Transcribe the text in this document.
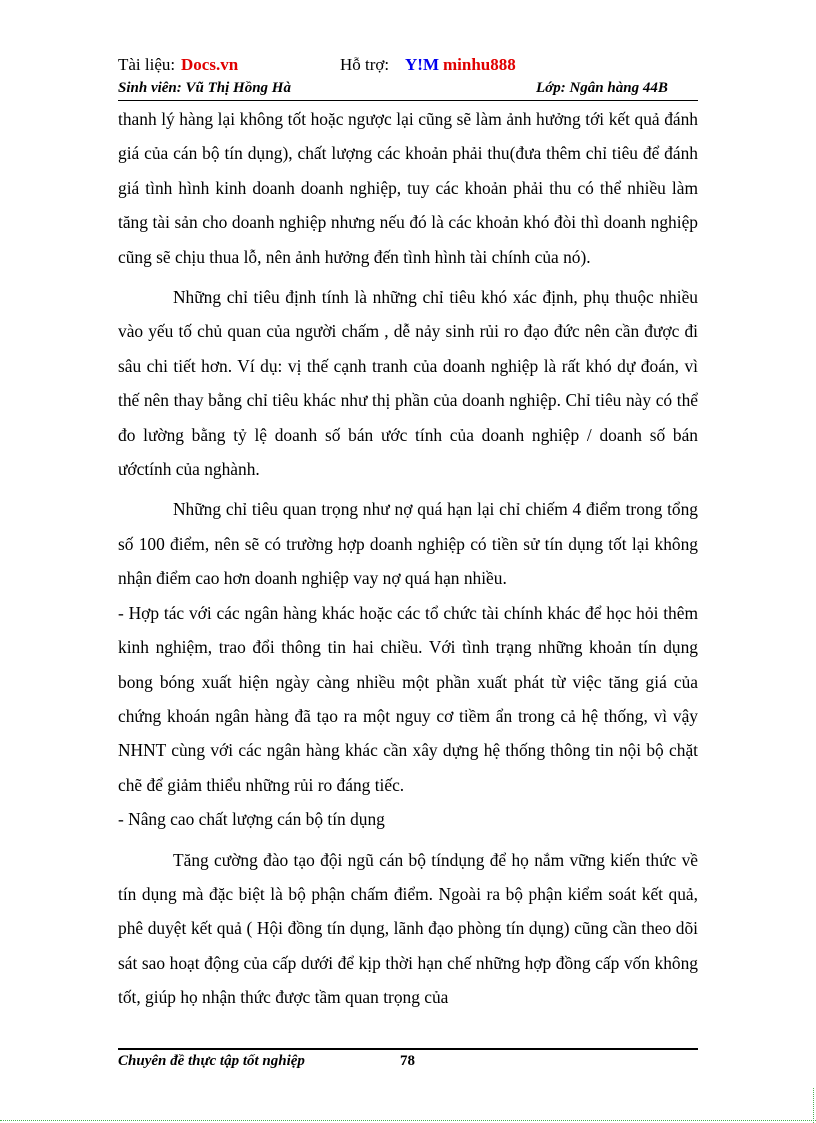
Tài liệu: Docs.vn	Hỗ trợ: Y!M minhu888
Sinh viên: Vũ Thị Hồng Hà	Lớp: Ngân hàng 44B

thanh lý hàng lại không tốt hoặc ngược lại cũng sẽ làm ảnh hưởng tới kết quả đánh giá của cán bộ tín dụng), chất lượng các khoản phải thu(đưa thêm chỉ tiêu để đánh giá tình hình kinh doanh doanh nghiệp, tuy các khoản phải thu có thể nhiều làm tăng tài sản cho doanh nghiệp nhưng nếu đó là các khoản khó đòi thì doanh nghiệp cũng sẽ chịu thua lỗ, nên ảnh hưởng đến tình hình tài chính của nó).

Những chỉ tiêu định tính là những chỉ tiêu khó xác định, phụ thuộc nhiều vào yếu tố chủ quan của người chấm , dễ nảy sinh rủi ro đạo đức nên cần được đi sâu chi tiết hơn. Ví dụ: vị thế cạnh tranh của doanh nghiệp là rất khó dự đoán, vì thế nên thay bằng chỉ tiêu khác như thị phần của doanh nghiệp. Chỉ tiêu này có thể đo lường bằng tỷ lệ doanh số bán ước tính của doanh nghiệp / doanh số bán ướctính của nghành.

Những chỉ tiêu quan trọng như nợ quá hạn lại chỉ chiếm 4 điểm trong tổng số 100 điểm, nên sẽ có trường hợp doanh nghiệp có tiền sử tín dụng tốt lại không nhận điểm cao hơn doanh nghiệp vay nợ quá hạn nhiều.

- Hợp tác với các ngân hàng khác hoặc các tổ chức tài chính khác để học hỏi thêm kinh nghiệm, trao đổi thông tin hai chiều. Với tình trạng những khoản tín dụng bong bóng xuất hiện ngày càng nhiều một phần xuất phát từ việc tăng giá của chứng khoán ngân hàng đã tạo ra một nguy cơ tiềm ẩn trong cả hệ thống, vì vậy NHNT cùng với các ngân hàng khác cần xây dựng hệ thống thông tin nội bộ chặt chẽ để giảm thiểu những rủi ro đáng tiếc.

- Nâng cao chất lượng cán bộ tín dụng

Tăng cường đào tạo đội ngũ cán bộ tíndụng để họ nắm vững kiến thức về tín dụng mà đặc biệt là bộ phận chấm điểm. Ngoài ra bộ phận kiểm soát kết quả, phê duyệt kết quả ( Hội đồng tín dụng, lãnh đạo phòng tín dụng) cũng cần theo dõi sát sao hoạt động của cấp dưới để kịp thời hạn chế những hợp đồng cấp vốn không tốt, giúp họ nhận thức được tầm quan trọng của

Chuyên đề thực tập tốt nghiệp	78
